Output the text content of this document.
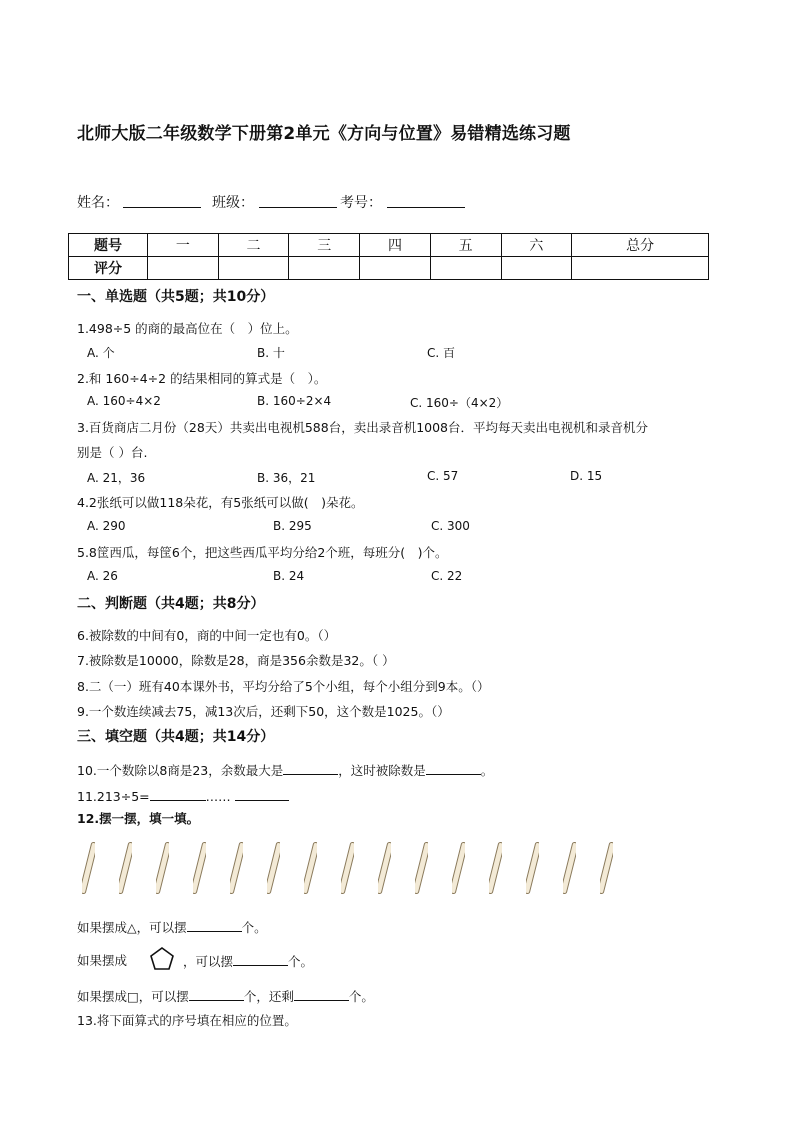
北师大版二年级数学下册第2单元《方向与位置》易错精选练习题
姓名：	班级：	考号：
题号	一	二	三	四	五	六	总分
评分							
一、单选题（共5题；共10分）
1.498÷5 的商的最高位在（　）位上。
A. 个	B. 十	C. 百
2.和 160÷4÷2 的结果相同的算式是（　）。
A. 160÷4×2	B. 160÷2×4	C. 160÷（4×2）
3.百货商店二月份（28天）共卖出电视机588台，卖出录音机1008台．平均每天卖出电视机和录音机分
别是（ ）台.
A. 21，36	B. 36，21	C. 57	D. 15
4.2张纸可以做118朵花，有5张纸可以做(　)朵花。
A. 290	B. 295	C. 300
5.8筐西瓜，每筐6个，把这些西瓜平均分给2个班，每班分(　)个。
A. 26	B. 24	C. 22
二、判断题（共4题；共8分）
6.被除数的中间有0，商的中间一定也有0。（）
7.被除数是10000，除数是28，商是356余数是32。（ ）
8.二（一）班有40本课外书，平均分给了5个小组，每个小组分到9本。（）
9.一个数连续减去75，减13次后，还剩下50，这个数是1025。（）
三、填空题（共4题；共14分）
10.一个数除以8商是23，余数最大是	，这时被除数是	。
11.213÷5=	……
12.摆一摆，填一填。
如果摆成△，可以摆	个。
如果摆成	，可以摆	个。
如果摆成□，可以摆	个，还剩	个。
13.将下面算式的序号填在相应的位置。
